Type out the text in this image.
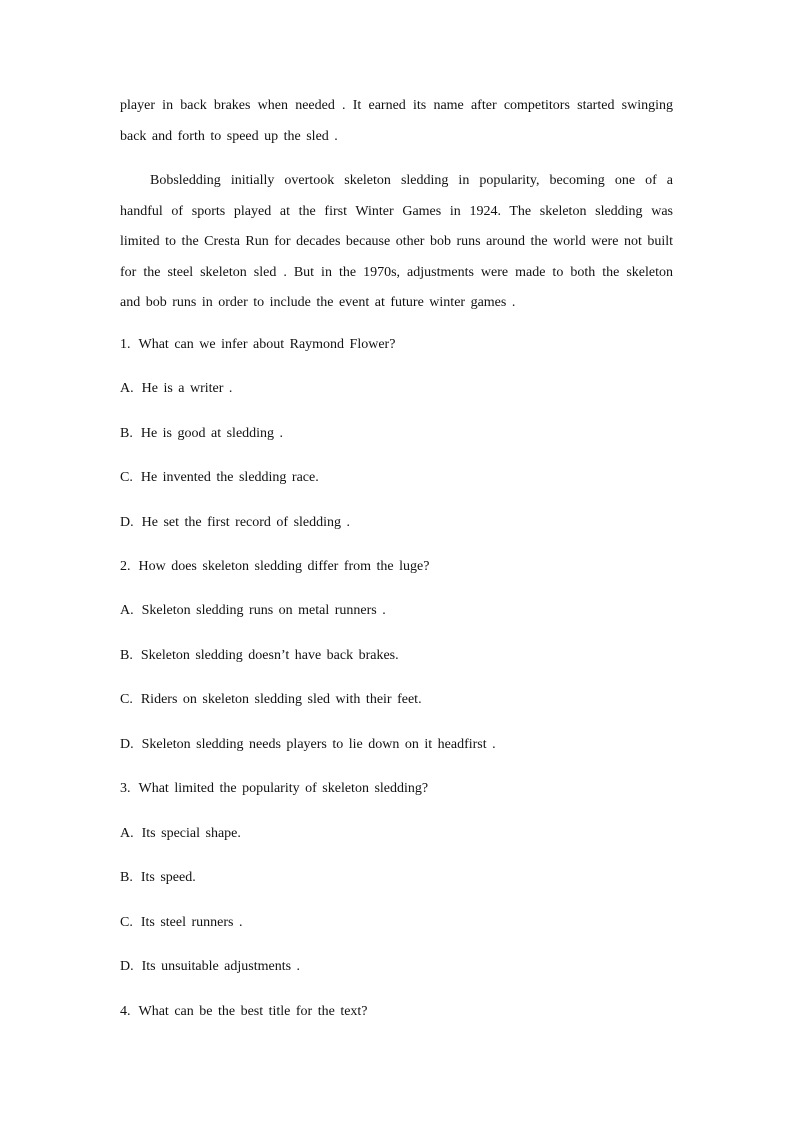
player in back brakes when needed . It earned its name after competitors started swinging back and forth to speed up the sled .

Bobsledding initially overtook skeleton sledding in popularity, becoming one of a handful of sports played at the first Winter Games in 1924. The skeleton sledding was limited to the Cresta Run for decades because other bob runs around the world were not built for the steel skeleton sled . But in the 1970s, adjustments were made to both the skeleton and bob runs in order to include the event at future winter games .

1. What can we infer about Raymond Flower?
A. He is a writer .
B. He is good at sledding .
C. He invented the sledding race.
D. He set the first record of sledding .
2. How does skeleton sledding differ from the luge?
A. Skeleton sledding runs on metal runners .
B. Skeleton sledding doesn’t have back brakes.
C. Riders on skeleton sledding sled with their feet.
D. Skeleton sledding needs players to lie down on it headfirst .
3. What limited the popularity of skeleton sledding?
A. Its special shape.
B. Its speed.
C. Its steel runners .
D. Its unsuitable adjustments .
4. What can be the best title for the text?
